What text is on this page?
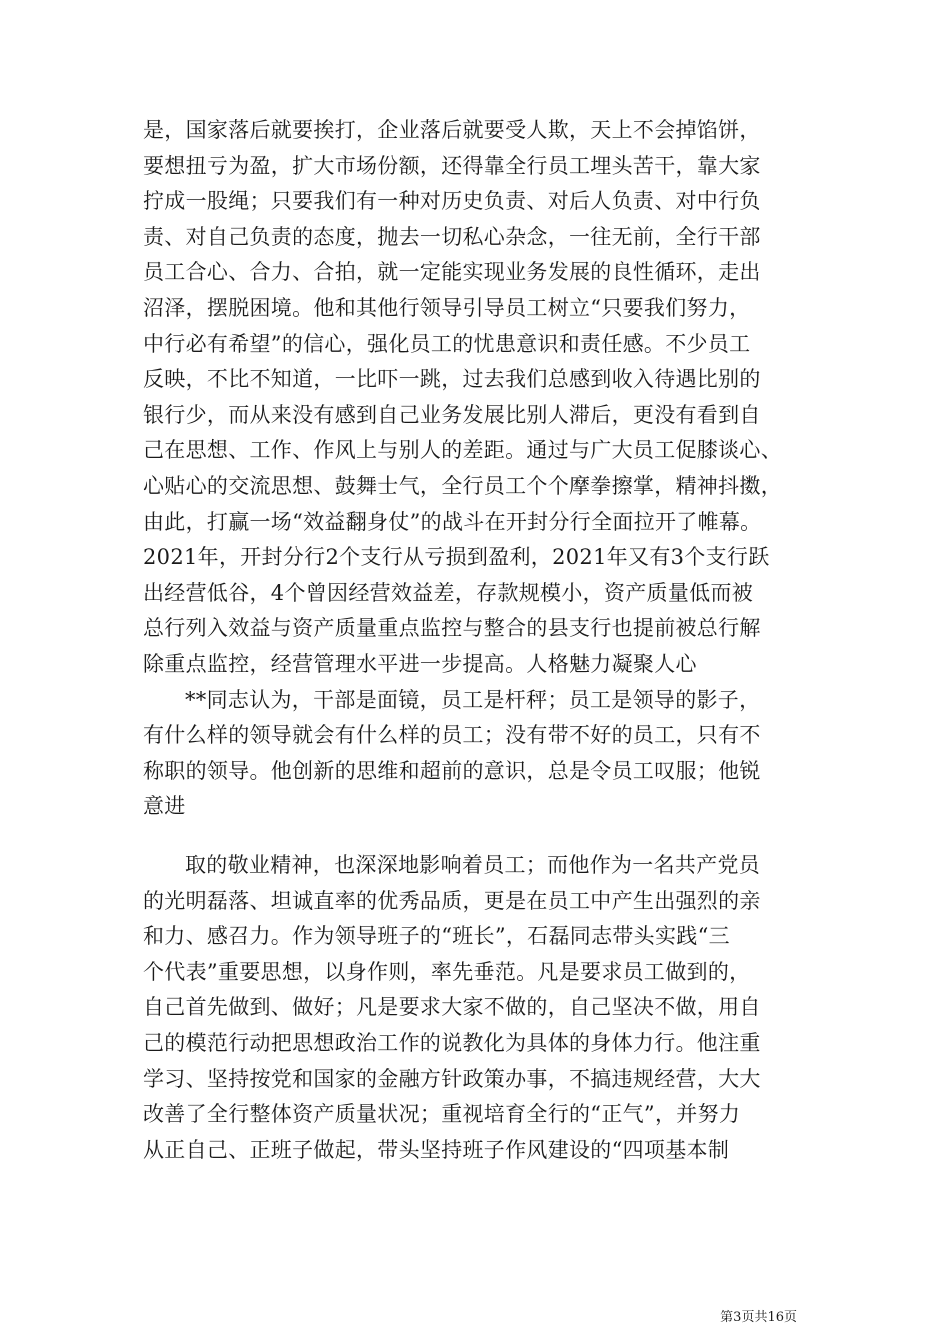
是，国家落后就要挨打，企业落后就要受人欺，天上不会掉馅饼，
要想扭亏为盈，扩大市场份额，还得靠全行员工埋头苦干，靠大家
拧成一股绳；只要我们有一种对历史负责、对后人负责、对中行负
责、对自己负责的态度，抛去一切私心杂念，一往无前，全行干部
员工合心、合力、合拍，就一定能实现业务发展的良性循环，走出
沼泽，摆脱困境。他和其他行领导引导员工树立“只要我们努力，
中行必有希望”的信心，强化员工的忧患意识和责任感。不少员工
反映，不比不知道，一比吓一跳，过去我们总感到收入待遇比别的
银行少，而从来没有感到自己业务发展比别人滞后，更没有看到自
己在思想、工作、作风上与别人的差距。通过与广大员工促膝谈心、
心贴心的交流思想、鼓舞士气，全行员工个个摩拳擦掌，精神抖擞，
由此，打赢一场“效益翻身仗”的战斗在开封分行全面拉开了帷幕。
2021年，开封分行2个支行从亏损到盈利，2021年又有3个支行跃
出经营低谷，4个曾因经营效益差，存款规模小，资产质量低而被
总行列入效益与资产质量重点监控与整合的县支行也提前被总行解
除重点监控，经营管理水平进一步提高。人格魅力凝聚人心
**同志认为，干部是面镜，员工是杆秤；员工是领导的影子，
有什么样的领导就会有什么样的员工；没有带不好的员工，只有不
称职的领导。他创新的思维和超前的意识，总是令员工叹服；他锐
意进
取的敬业精神，也深深地影响着员工；而他作为一名共产党员
的光明磊落、坦诚直率的优秀品质，更是在员工中产生出强烈的亲
和力、感召力。作为领导班子的“班长”，石磊同志带头实践“三
个代表”重要思想，以身作则，率先垂范。凡是要求员工做到的，
自己首先做到、做好；凡是要求大家不做的，自己坚决不做，用自
己的模范行动把思想政治工作的说教化为具体的身体力行。他注重
学习、坚持按党和国家的金融方针政策办事，不搞违规经营，大大
改善了全行整体资产质量状况；重视培育全行的“正气”，并努力
从正自己、正班子做起，带头坚持班子作风建设的“四项基本制
第3页共16页
